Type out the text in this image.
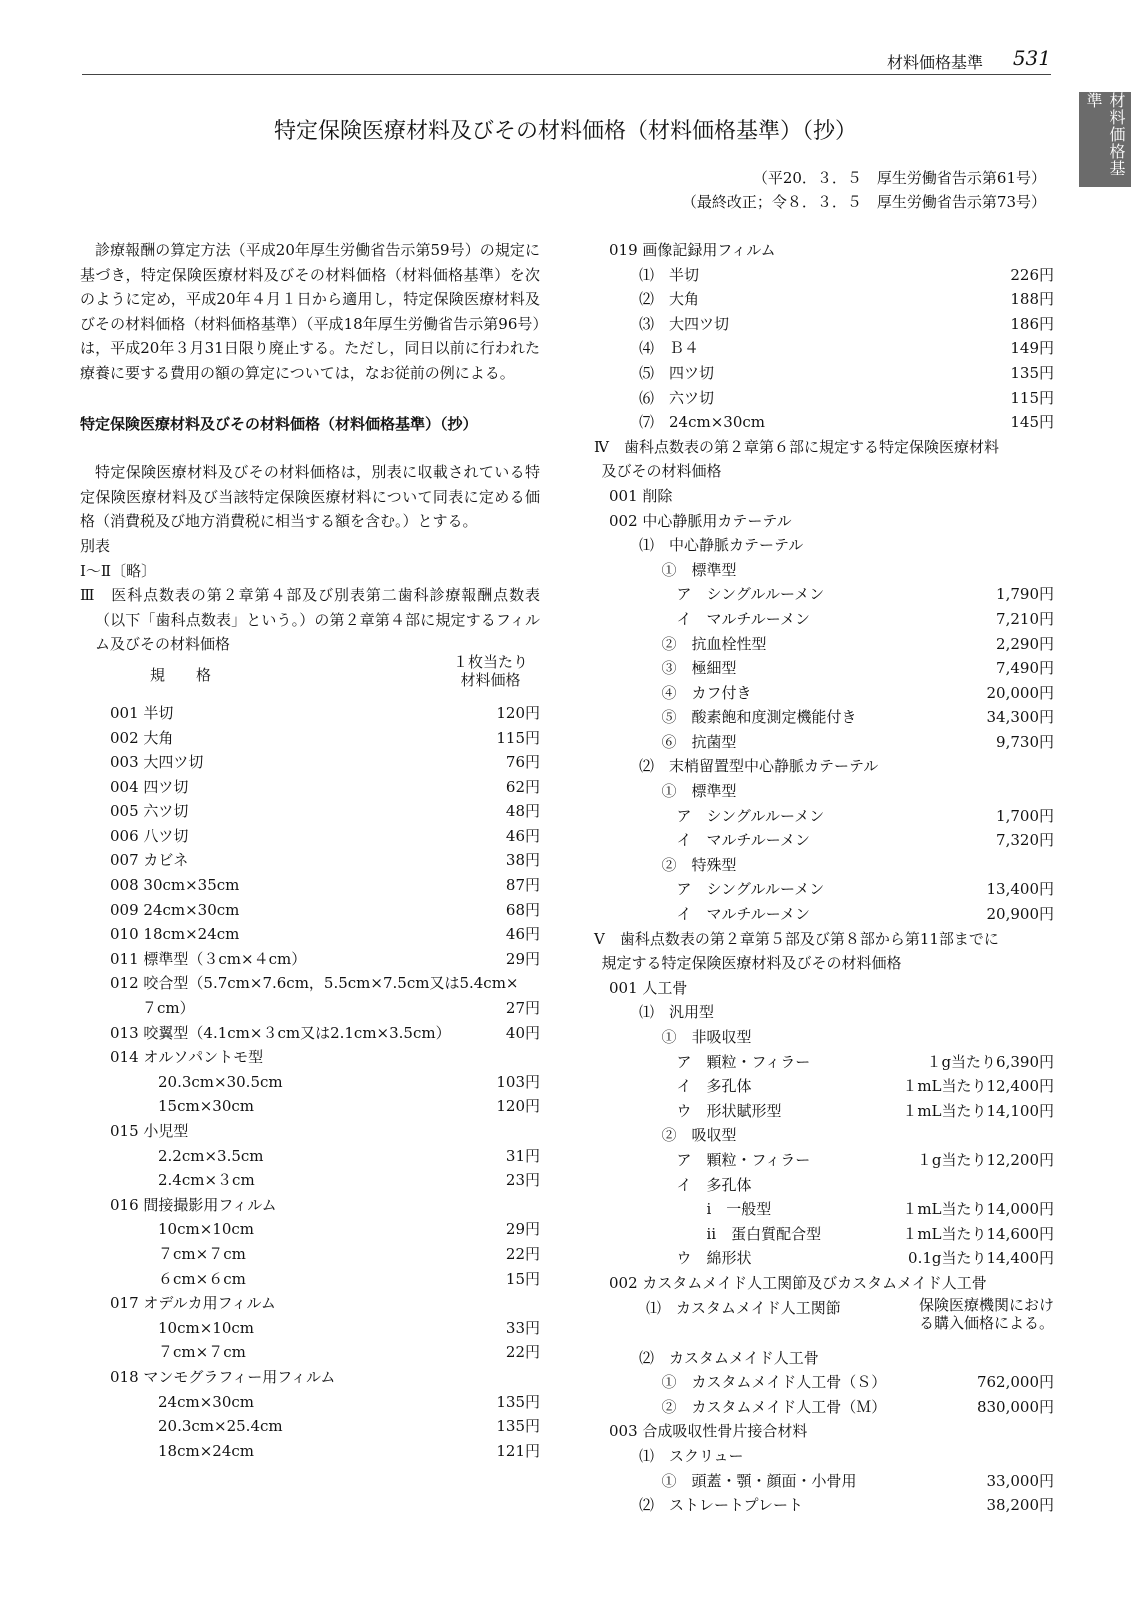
材料価格基準 531
材料価格基準
特定保険医療材料及びその材料価格（材料価格基準）（抄）
（平20．３．５　厚生労働省告示第61号）
（最終改正；令８．３．５　厚生労働省告示第73号）
診療報酬の算定方法（平成20年厚生労働省告示第59号）の規定に基づき，特定保険医療材料及びその材料価格（材料価格基準）を次のように定め，平成20年４月１日から適用し，特定保険医療材料及びその材料価格（材料価格基準）（平成18年厚生労働省告示第96号）は，平成20年３月31日限り廃止する。ただし，同日以前に行われた療養に要する費用の額の算定については，なお従前の例による。
特定保険医療材料及びその材料価格（材料価格基準）（抄）
特定保険医療材料及びその材料価格は，別表に収載されている特定保険医療材料及び当該特定保険医療材料について同表に定める価格（消費税及び地方消費税に相当する額を含む。）とする。
別表
Ⅰ～Ⅱ〔略〕
Ⅲ　医科点数表の第２章第４部及び別表第二歯科診療報酬点数表（以下「歯科点数表」という。）の第２章第４部に規定するフィルム及びその材料価格
規　格
１枚当たり
材料価格
001 半切	120円
002 大角	115円
003 大四ツ切	76円
004 四ツ切	62円
005 六ツ切	48円
006 八ツ切	46円
007 カビネ	38円
008 30cm×35cm	87円
009 24cm×30cm	68円
010 18cm×24cm	46円
011 標準型（３cm×４cm）	29円
012 咬合型（5.7cm×7.6cm，5.5cm×7.5cm又は5.4cm×
７cm）	27円
013 咬翼型（4.1cm×３cm又は2.1cm×3.5cm）	40円
014 オルソパントモ型
20.3cm×30.5cm	103円
15cm×30cm	120円
015 小児型
2.2cm×3.5cm	31円
2.4cm×３cm	23円
016 間接撮影用フィルム
10cm×10cm	29円
７cm×７cm	22円
６cm×６cm	15円
017 オデルカ用フィルム
10cm×10cm	33円
７cm×７cm	22円
018 マンモグラフィー用フィルム
24cm×30cm	135円
20.3cm×25.4cm	135円
18cm×24cm	121円
019 画像記録用フィルム
⑴　半切	226円
⑵　大角	188円
⑶　大四ツ切	186円
⑷　Ｂ４	149円
⑸　四ツ切	135円
⑹　六ツ切	115円
⑺　24cm×30cm	145円
Ⅳ　歯科点数表の第２章第６部に規定する特定保険医療材料
及びその材料価格
001 削除
002 中心静脈用カテーテル
⑴　中心静脈カテーテル
①　標準型
ア　シングルルーメン	1,790円
イ　マルチルーメン	7,210円
②　抗血栓性型	2,290円
③　極細型	7,490円
④　カフ付き	20,000円
⑤　酸素飽和度測定機能付き	34,300円
⑥　抗菌型	9,730円
⑵　末梢留置型中心静脈カテーテル
①　標準型
ア　シングルルーメン	1,700円
イ　マルチルーメン	7,320円
②　特殊型
ア　シングルルーメン	13,400円
イ　マルチルーメン	20,900円
Ⅴ　歯科点数表の第２章第５部及び第８部から第11部までに
規定する特定保険医療材料及びその材料価格
001 人工骨
⑴　汎用型
①　非吸収型
ア　顆粒・フィラー	１g当たり6,390円
イ　多孔体	１mL当たり12,400円
ウ　形状賦形型	１mL当たり14,100円
②　吸収型
ア　顆粒・フィラー	１g当たり12,200円
イ　多孔体
ⅰ　一般型	１mL当たり14,000円
ⅱ　蛋白質配合型	１mL当たり14,600円
ウ　綿形状	0.1g当たり14,400円
002 カスタムメイド人工関節及びカスタムメイド人工骨
⑴　カスタムメイド人工関節	保険医療機関におけ
る購入価格による。
⑵　カスタムメイド人工骨
①　カスタムメイド人工骨（Ｓ）	762,000円
②　カスタムメイド人工骨（Ｍ）	830,000円
003 合成吸収性骨片接合材料
⑴　スクリュー
①　頭蓋・顎・顔面・小骨用	33,000円
⑵　ストレートプレート	38,200円
